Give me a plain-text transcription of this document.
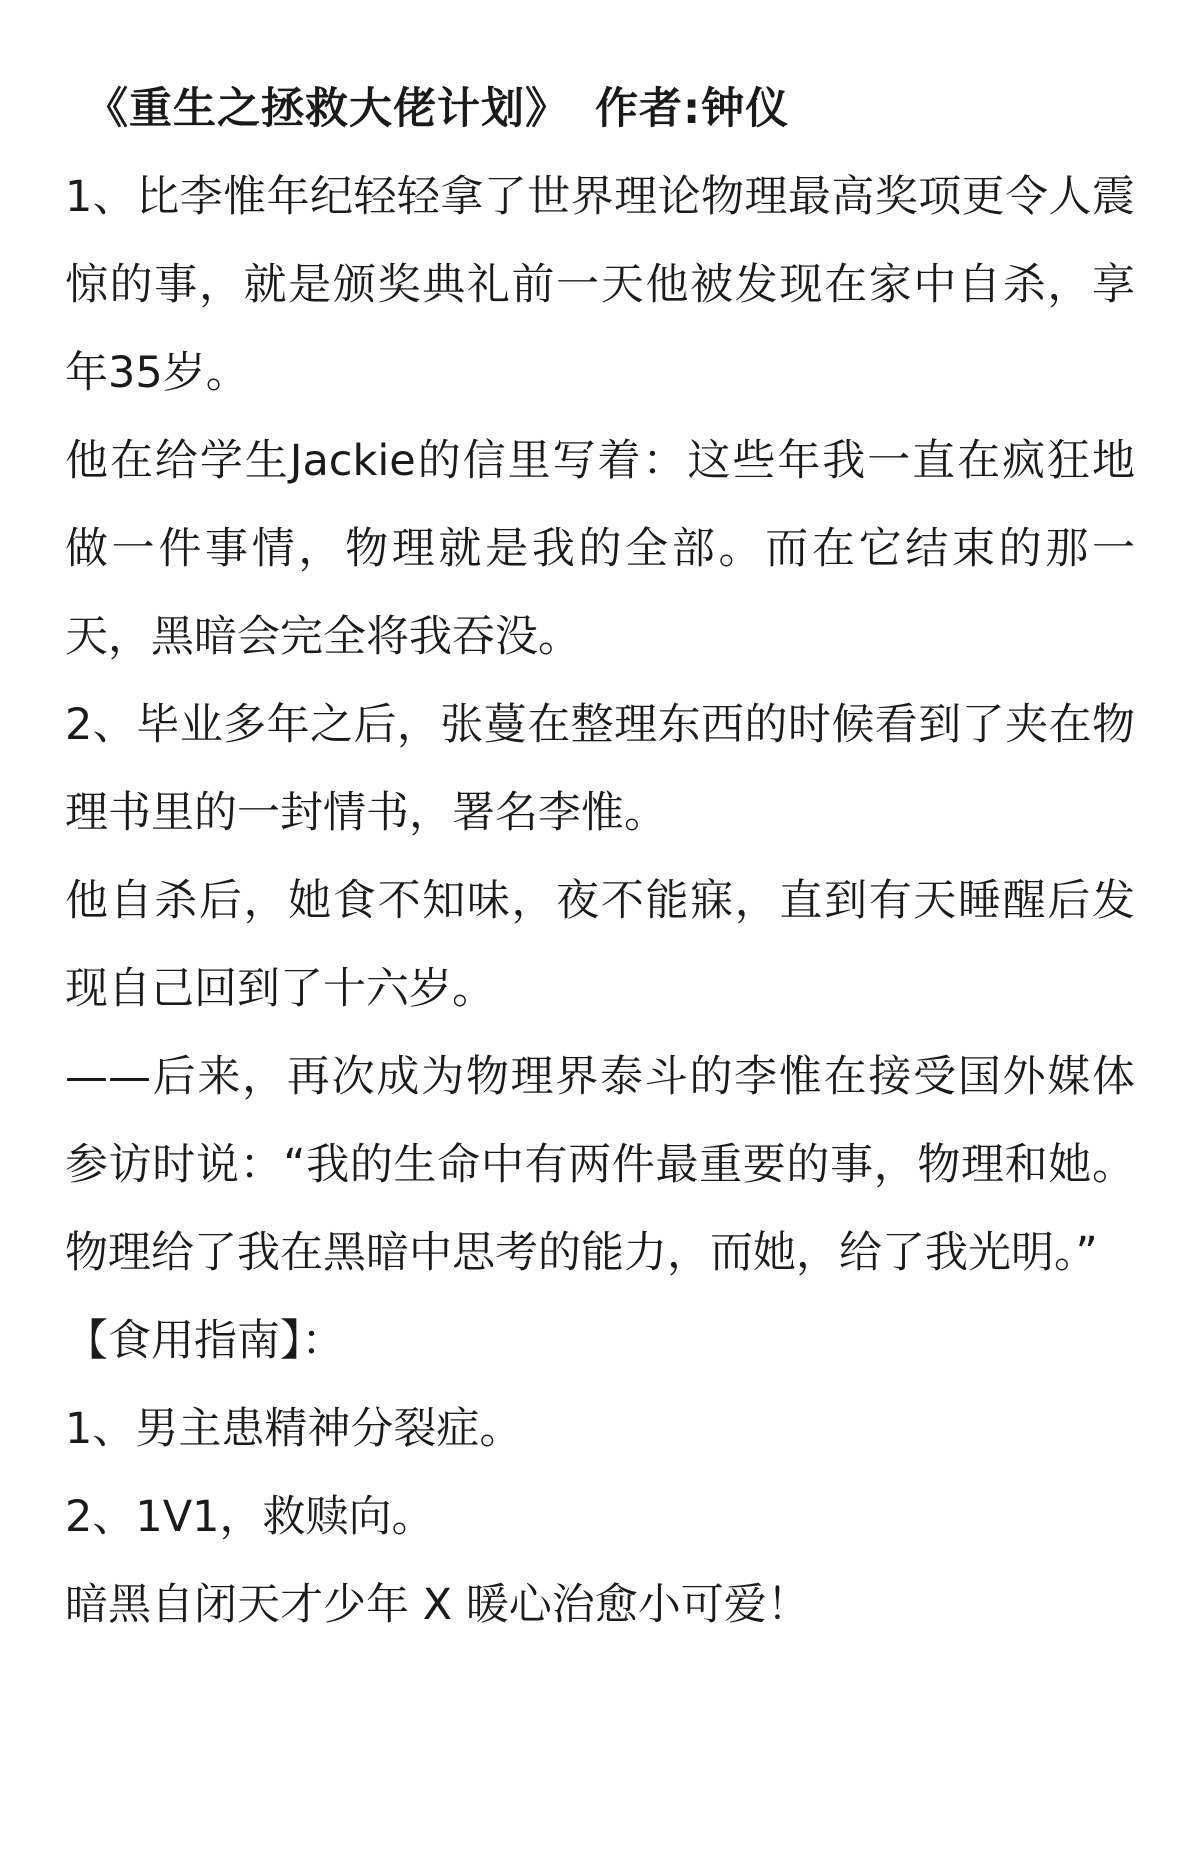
《重生之拯救大佬计划》 作者:钟仪

1、比李惟年纪轻轻拿了世界理论物理最高奖项更令人震惊的事，就是颁奖典礼前一天他被发现在家中自杀，享年35岁。

他在给学生Jackie的信里写着：这些年我一直在疯狂地做一件事情，物理就是我的全部。而在它结束的那一天，黑暗会完全将我吞没。

2、毕业多年之后，张蔓在整理东西的时候看到了夹在物理书里的一封情书，署名李惟。

他自杀后，她食不知味，夜不能寐，直到有天睡醒后发现自己回到了十六岁。

——后来，再次成为物理界泰斗的李惟在接受国外媒体参访时说：“我的生命中有两件最重要的事，物理和她。物理给了我在黑暗中思考的能力，而她，给了我光明。”

【食用指南】：

1、男主患精神分裂症。

2、1V1，救赎向。

暗黑自闭天才少年 X 暖心治愈小可爱！
